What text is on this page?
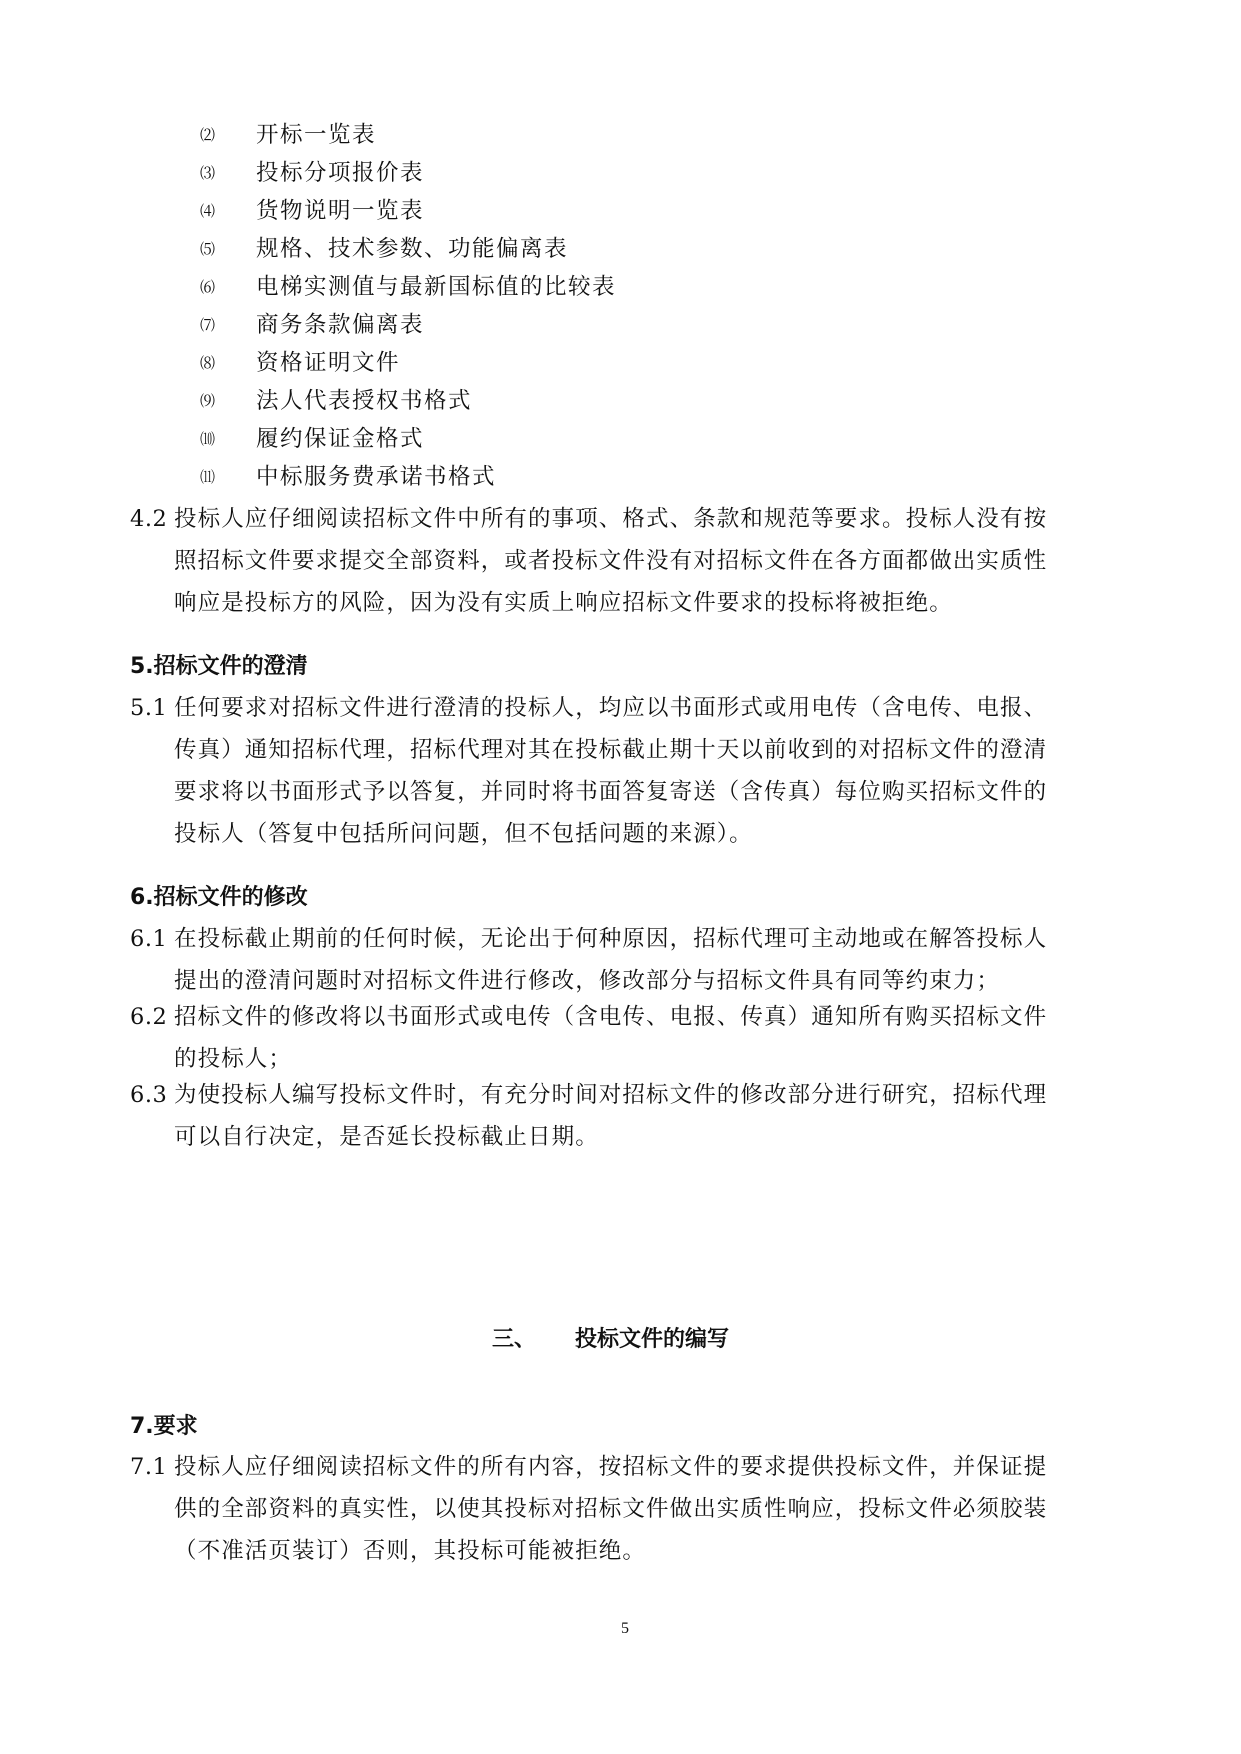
⑵ 开标一览表
⑶ 投标分项报价表
⑷ 货物说明一览表
⑸ 规格、技术参数、功能偏离表
⑹ 电梯实测值与最新国标值的比较表
⑺ 商务条款偏离表
⑻ 资格证明文件
⑼ 法人代表授权书格式
⑽ 履约保证金格式
⑾ 中标服务费承诺书格式
4.2 投标人应仔细阅读招标文件中所有的事项、格式、条款和规范等要求。投标人没有按
照招标文件要求提交全部资料，或者投标文件没有对招标文件在各方面都做出实质性
响应是投标方的风险，因为没有实质上响应招标文件要求的投标将被拒绝。
5.招标文件的澄清
5.1 任何要求对招标文件进行澄清的投标人，均应以书面形式或用电传（含电传、电报、
传真）通知招标代理，招标代理对其在投标截止期十天以前收到的对招标文件的澄清
要求将以书面形式予以答复，并同时将书面答复寄送（含传真）每位购买招标文件的
投标人（答复中包括所问问题，但不包括问题的来源）。
6.招标文件的修改
6.1 在投标截止期前的任何时候，无论出于何种原因，招标代理可主动地或在解答投标人
提出的澄清问题时对招标文件进行修改，修改部分与招标文件具有同等约束力；
6.2 招标文件的修改将以书面形式或电传（含电传、电报、传真）通知所有购买招标文件
的投标人；
6.3 为使投标人编写投标文件时，有充分时间对招标文件的修改部分进行研究，招标代理
可以自行决定，是否延长投标截止日期。
三、 投标文件的编写
7.要求
7.1 投标人应仔细阅读招标文件的所有内容，按招标文件的要求提供投标文件，并保证提
供的全部资料的真实性，以使其投标对招标文件做出实质性响应，投标文件必须胶装
（不准活页装订）否则，其投标可能被拒绝。
5
